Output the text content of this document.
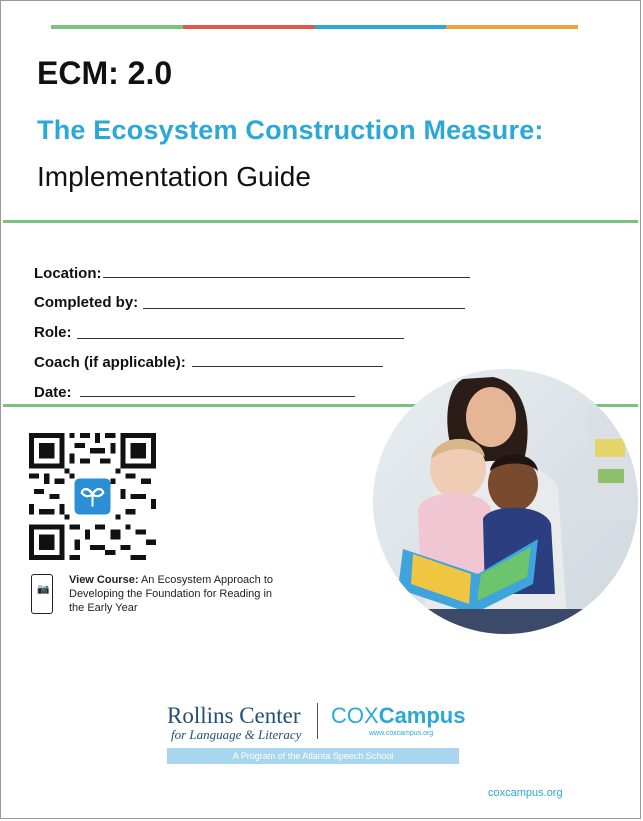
ECM: 2.0
The Ecosystem Construction Measure:
Implementation Guide
Location:
Completed by:
Role:
Coach (if applicable):
Date:
📷
View Course: An Ecosystem Approach to Developing the Foundation for Reading in the Early Year
Rollins Center
for Language & Literacy
COXCampus
www.coxcampus.org
A Program of the Atlanta Speech School
coxcampus.org
